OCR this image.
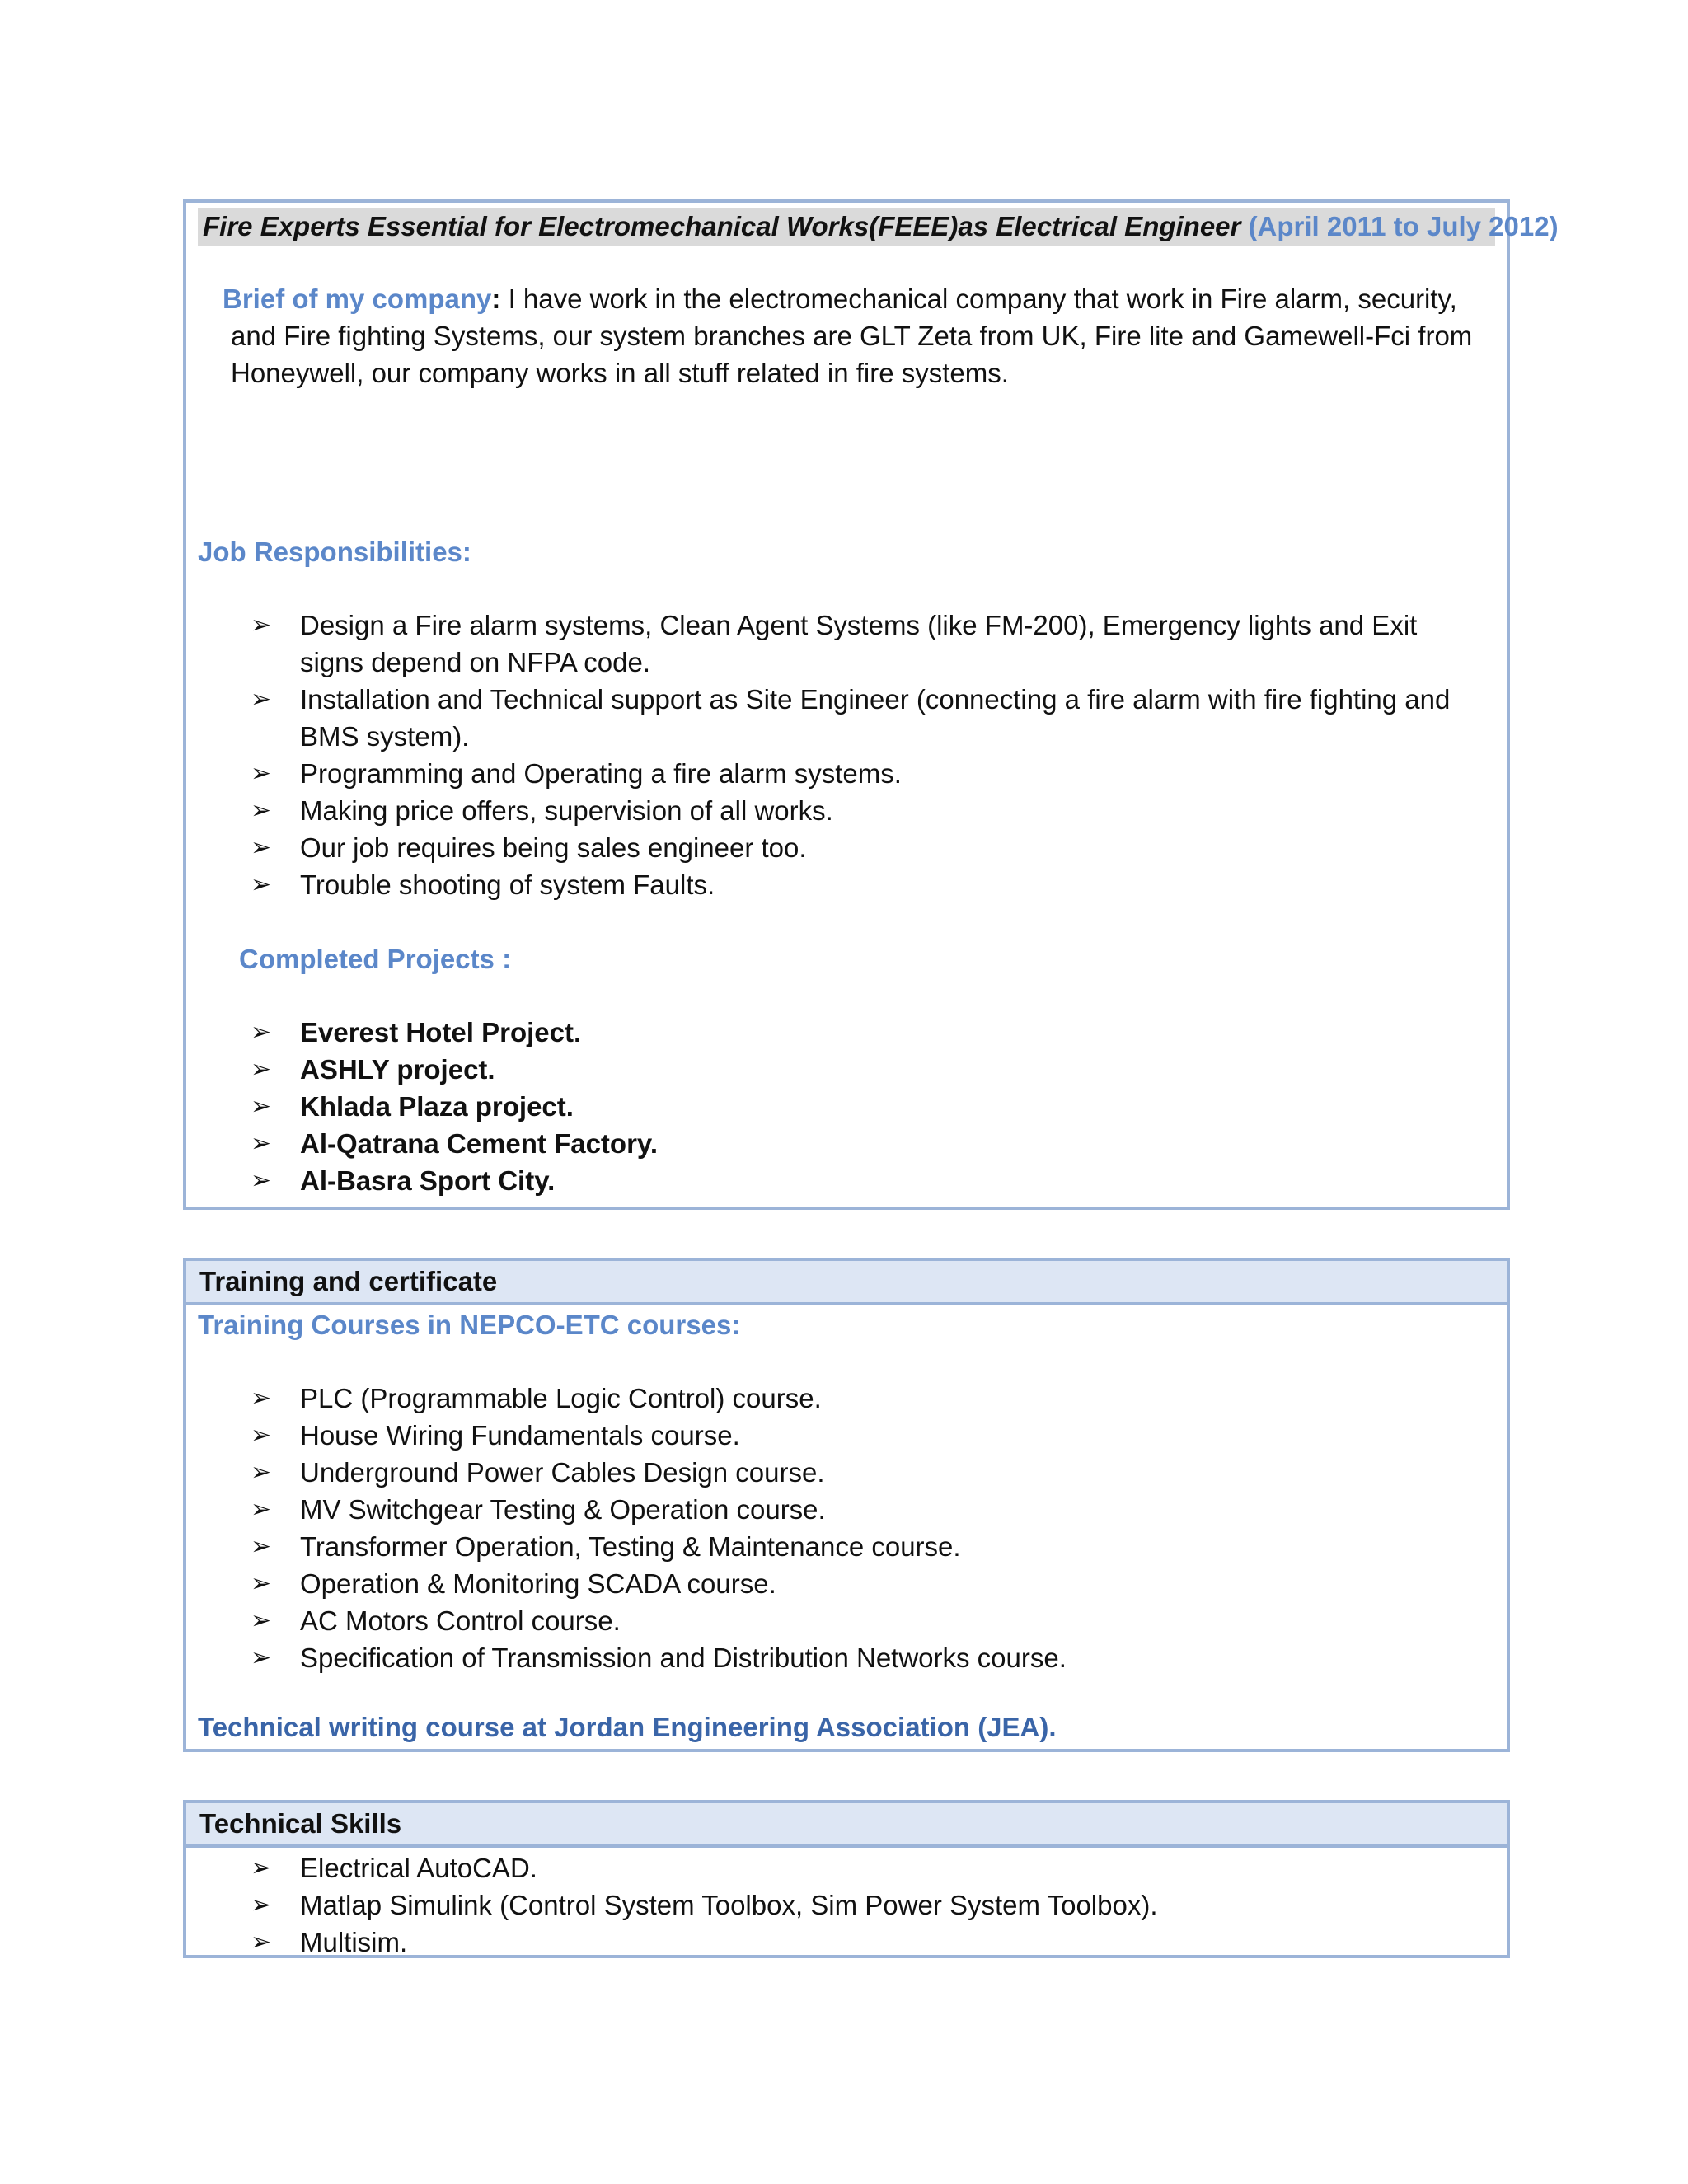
Fire Experts Essential for Electromechanical Works(FEEE)as Electrical Engineer (April 2011 to July 2012)
Brief of my company: I have work in the electromechanical company that work in Fire alarm, security,
and Fire fighting Systems, our system branches are GLT Zeta from UK, Fire lite and Gamewell-Fci from Honeywell, our company works in all stuff related in fire systems.
Job Responsibilities:
➢	Design a Fire alarm systems, Clean Agent Systems (like FM-200), Emergency lights and Exit signs depend on NFPA code.
➢	Installation and Technical support as Site Engineer (connecting a fire alarm with fire fighting and BMS system).
➢	Programming and Operating a fire alarm systems.
➢	Making price offers, supervision of all works.
➢	Our job requires being sales engineer too.
➢	Trouble shooting of system Faults.
Completed Projects :
➢	Everest Hotel Project.
➢	ASHLY project.
➢	Khlada Plaza project.
➢	Al-Qatrana Cement Factory.
➢	Al-Basra Sport City.
Training and certificate
Training Courses in NEPCO-ETC courses:
➢	PLC (Programmable Logic Control) course.
➢	House Wiring Fundamentals course.
➢	Underground Power Cables Design course.
➢	MV Switchgear Testing & Operation course.
➢	Transformer Operation, Testing & Maintenance course.
➢	Operation & Monitoring SCADA course.
➢	AC Motors Control course.
➢	Specification of Transmission and Distribution Networks course.
Technical writing course at Jordan Engineering Association (JEA).
Technical Skills
➢	Electrical AutoCAD.
➢	Matlap Simulink (Control System Toolbox, Sim Power System Toolbox).
➢	Multisim.
